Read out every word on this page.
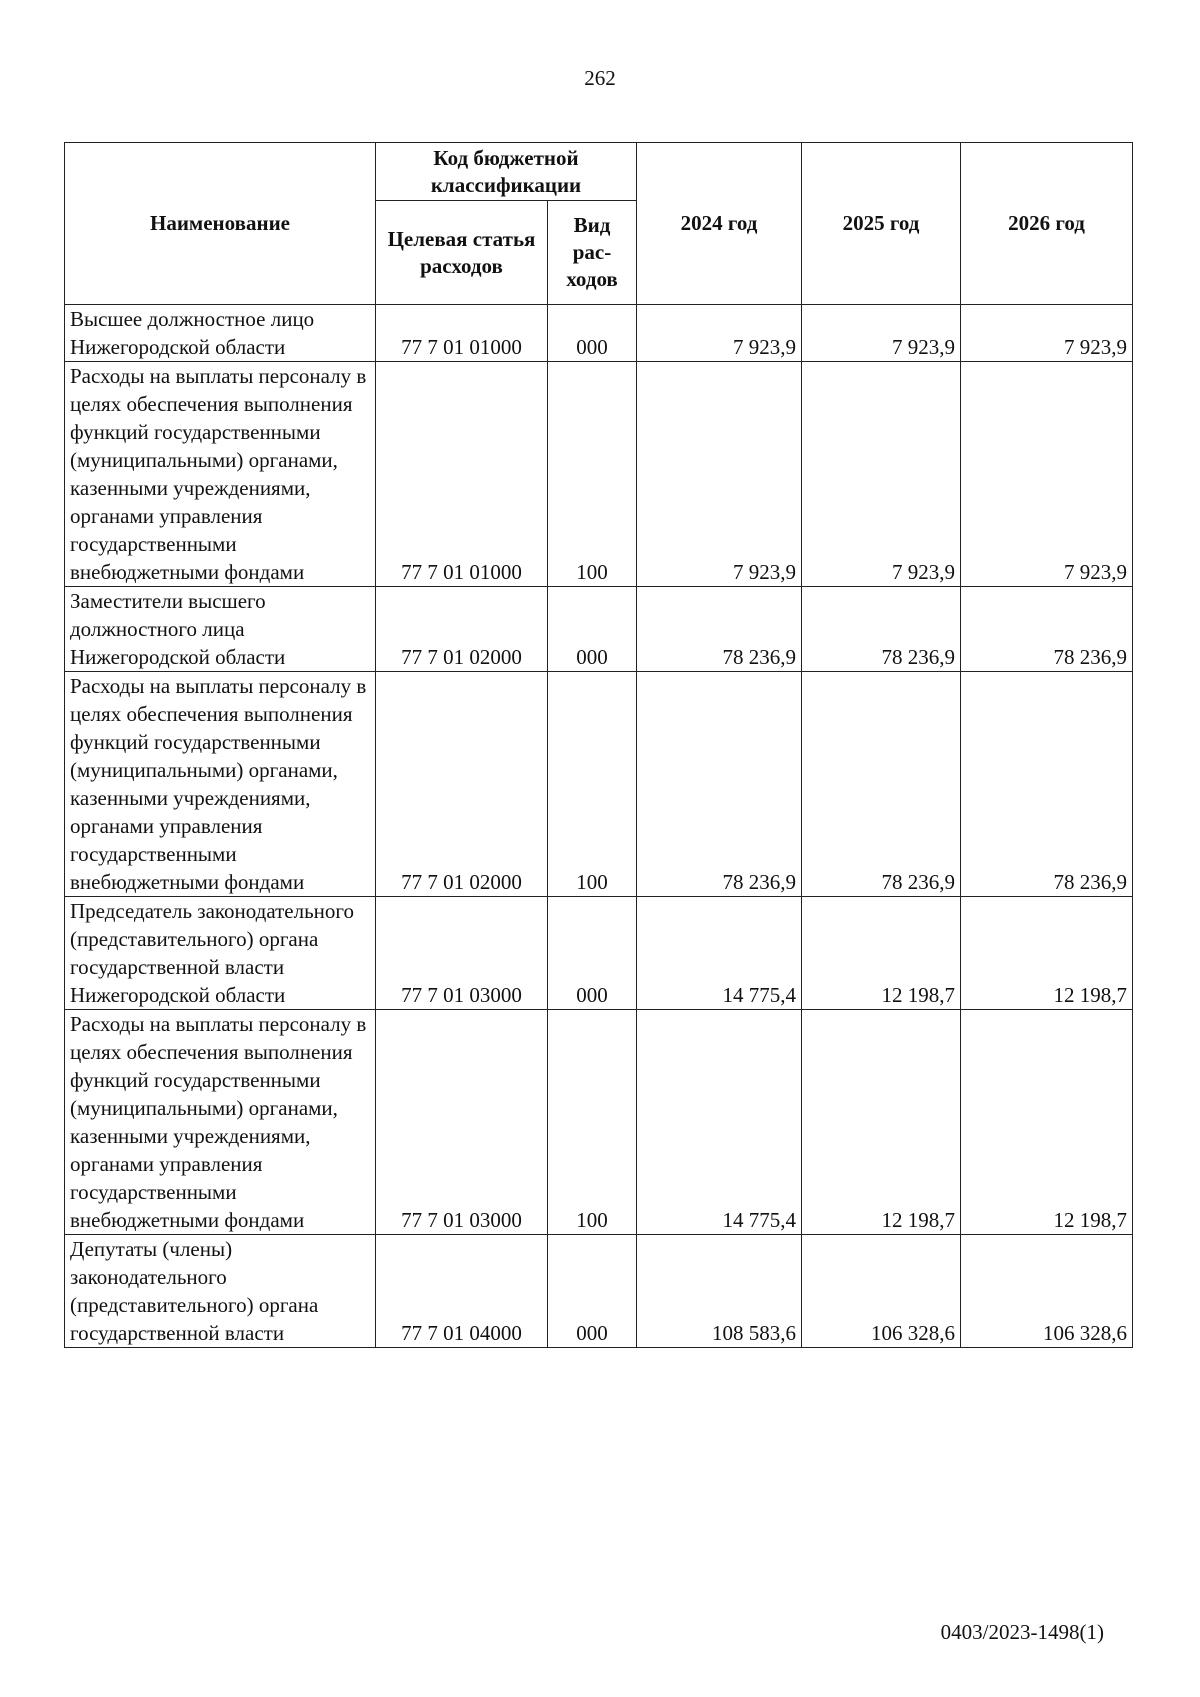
262
Наименование	Код бюджетной классификации		2024 год	2025 год	2026 год
	Целевая статья расходов	Вид рас-ходов			
Высшее должностное лицо Нижегородской области	77 7 01 01000	000	7 923,9	7 923,9	7 923,9
Расходы на выплаты персоналу в целях обеспечения выполнения функций государственными (муниципальными) органами, казенными учреждениями, органами управления государственными внебюджетными фондами	77 7 01 01000	100	7 923,9	7 923,9	7 923,9
Заместители высшего должностного лица Нижегородской области	77 7 01 02000	000	78 236,9	78 236,9	78 236,9
Расходы на выплаты персоналу в целях обеспечения выполнения функций государственными (муниципальными) органами, казенными учреждениями, органами управления государственными внебюджетными фондами	77 7 01 02000	100	78 236,9	78 236,9	78 236,9
Председатель законодательного (представительного) органа государственной власти Нижегородской области	77 7 01 03000	000	14 775,4	12 198,7	12 198,7
Расходы на выплаты персоналу в целях обеспечения выполнения функций государственными (муниципальными) органами, казенными учреждениями, органами управления государственными внебюджетными фондами	77 7 01 03000	100	14 775,4	12 198,7	12 198,7
Депутаты (члены) законодательного (представительного) органа государственной власти	77 7 01 04000	000	108 583,6	106 328,6	106 328,6
0403/2023-1498(1)
